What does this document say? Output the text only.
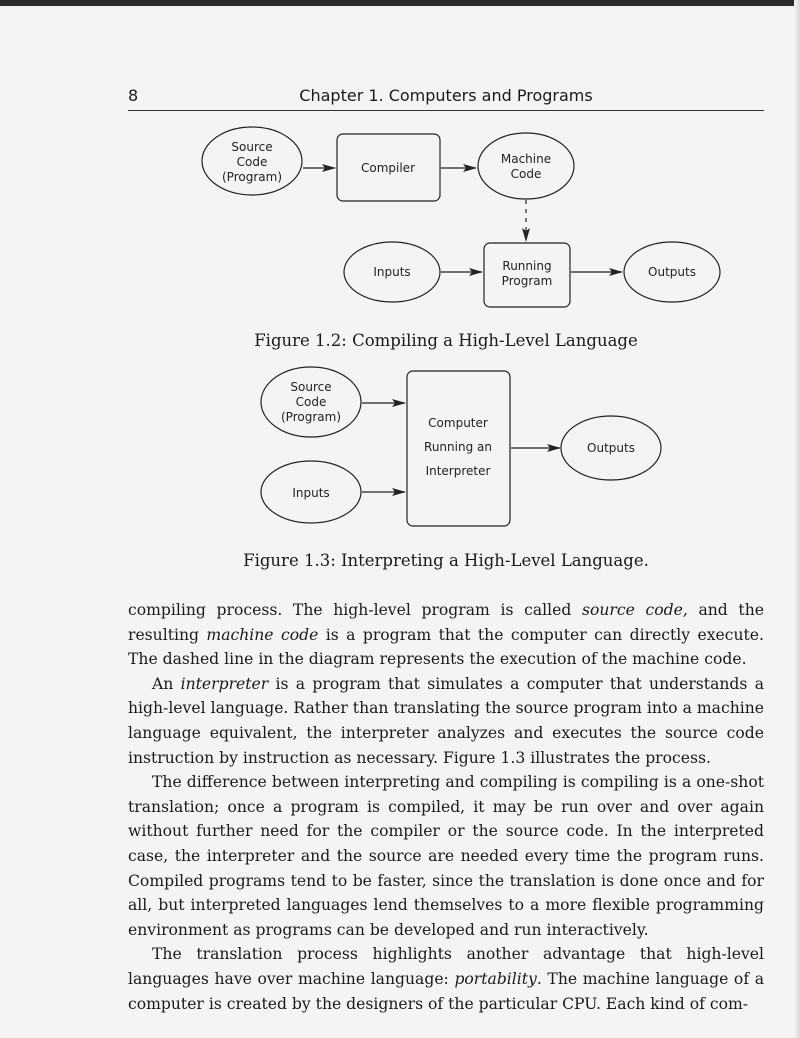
8	Chapter 1. Computers and Programs
Source
Code
(Program)
Compiler
Machine
Code
Inputs	Running
Program
Outputs
Source
Code
(Program)
Inputs
Computer
Running an
Interpreter
Outputs
Figure 1.2: Compiling a High-Level Language
Figure 1.3: Interpreting a High-Level Language.

compiling process. The high-level program is called source code, and the resulting machine code is a program that the computer can directly execute. The dashed line in the diagram represents the execution of the machine code.

An interpreter is a program that simulates a computer that understands a high-level language. Rather than translating the source program into a machine language equivalent, the interpreter analyzes and executes the source code instruction by instruction as necessary. Figure 1.3 illustrates the process.

The difference between interpreting and compiling is compiling is a one-shot translation; once a program is compiled, it may be run over and over again without further need for the compiler or the source code. In the interpreted case, the interpreter and the source are needed every time the program runs. Compiled programs tend to be faster, since the translation is done once and for all, but interpreted languages lend themselves to a more flexible programming environment as programs can be developed and run interactively.

The translation process highlights another advantage that high-level languages have over machine language: portability. The machine language of a computer is created by the designers of the particular CPU. Each kind of com-
